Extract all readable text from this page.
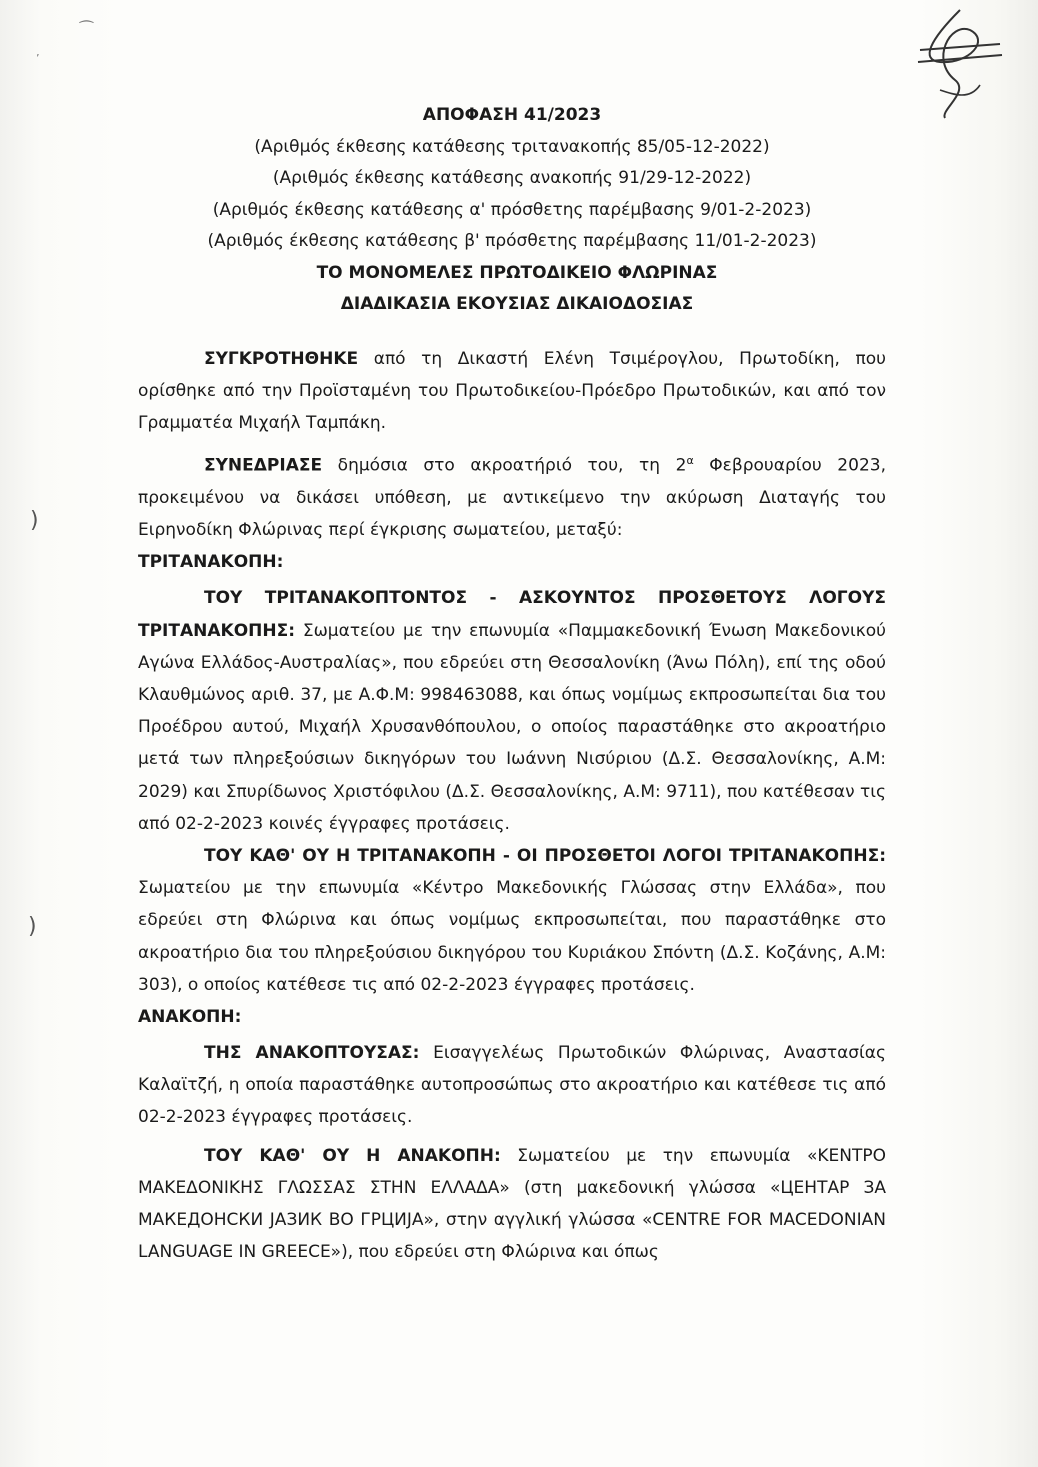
ʼ
⁀
)
)
ΑΠΟΦΑΣΗ 41/2023
(Αριθμός έκθεσης κατάθεσης τριτανακοπής 85/05-12-2022)
(Αριθμός έκθεσης κατάθεσης ανακοπής 91/29-12-2022)
(Αριθμός έκθεσης κατάθεσης α' πρόσθετης παρέμβασης 9/01-2-2023)
(Αριθμός έκθεσης κατάθεσης β' πρόσθετης παρέμβασης 11/01-2-2023)
ΤΟ ΜΟΝΟΜΕΛΕΣ ΠΡΩΤΟΔΙΚΕΙΟ ΦΛΩΡΙΝΑΣ
ΔΙΑΔΙΚΑΣΙΑ ΕΚΟΥΣΙΑΣ ΔΙΚΑΙΟΔΟΣΙΑΣ

ΣΥΓΚΡΟΤΗΘΗΚΕ από τη Δικαστή Ελένη Τσιμέρογλου, Πρωτοδίκη, που ορίσθηκε από την Προϊσταμένη του Πρωτοδικείου-Πρόεδρο Πρωτοδικών, και από τον Γραμματέα Μιχαήλ Ταμπάκη.

ΣΥΝΕΔΡΙΑΣΕ δημόσια στο ακροατήριό του, τη $2^\alpha$ Φεβρουαρίου 2023, προκειμένου να δικάσει υπόθεση, με αντικείμενο την ακύρωση Διαταγής του Ειρηνοδίκη Φλώρινας περί έγκρισης σωματείου, μεταξύ:

ΤΡΙΤΑΝΑΚΟΠΗ:

ΤΟΥ ΤΡΙΤΑΝΑΚΟΠΤΟΝΤΟΣ - ΑΣΚΟΥΝΤΟΣ ΠΡΟΣΘΕΤΟΥΣ ΛΟΓΟΥΣ ΤΡΙΤΑΝΑΚΟΠΗΣ: Σωματείου με την επωνυμία «Παμμακεδονική Ένωση Μακεδονικού Αγώνα Ελλάδος-Αυστραλίας», που εδρεύει στη Θεσσαλονίκη (Άνω Πόλη), επί της οδού Κλαυθμώνος αριθ. 37, με Α.Φ.Μ: 998463088, και όπως νομίμως εκπροσωπείται δια του Προέδρου αυτού, Μιχαήλ Χρυσανθόπουλου, ο οποίος παραστάθηκε στο ακροατήριο μετά των πληρεξούσιων δικηγόρων του Ιωάννη Νισύριου (Δ.Σ. Θεσσαλονίκης, Α.Μ: 2029) και Σπυρίδωνος Χριστόφιλου (Δ.Σ. Θεσσαλονίκης, Α.Μ: 9711), που κατέθεσαν τις από 02-2-2023 κοινές έγγραφες προτάσεις.

ΤΟΥ ΚΑΘ' ΟΥ Η ΤΡΙΤΑΝΑΚΟΠΗ - ΟΙ ΠΡΟΣΘΕΤΟΙ ΛΟΓΟΙ ΤΡΙΤΑΝΑΚΟΠΗΣ: Σωματείου με την επωνυμία «Κέντρο Μακεδονικής Γλώσσας στην Ελλάδα», που εδρεύει στη Φλώρινα και όπως νομίμως εκπροσωπείται, που παραστάθηκε στο ακροατήριο δια του πληρεξούσιου δικηγόρου του Κυριάκου Σπόντη (Δ.Σ. Κοζάνης, Α.Μ: 303), ο οποίος κατέθεσε τις από 02-2-2023 έγγραφες προτάσεις.

ΑΝΑΚΟΠΗ:

ΤΗΣ ΑΝΑΚΟΠΤΟΥΣΑΣ: Εισαγγελέως Πρωτοδικών Φλώρινας, Αναστασίας Καλαϊτζή, η οποία παραστάθηκε αυτοπροσώπως στο ακροατήριο και κατέθεσε τις από 02-2-2023 έγγραφες προτάσεις.

ΤΟΥ ΚΑΘ' ΟΥ Η ΑΝΑΚΟΠΗ: Σωματείου με την επωνυμία «ΚΕΝΤΡΟ ΜΑΚΕΔΟΝΙΚΗΣ ΓΛΩΣΣΑΣ ΣΤΗΝ ΕΛΛΑΔΑ» (στη μακεδονική γλώσσα «ЦЕНТАР ЗА МАКЕДОНСКИ ЈАЗИК ВО ГРЦИЈА», στην αγγλική γλώσσα «CENTRE FOR MACEDONIAN LANGUAGE IN GREECE»), που εδρεύει στη Φλώρινα και όπως
